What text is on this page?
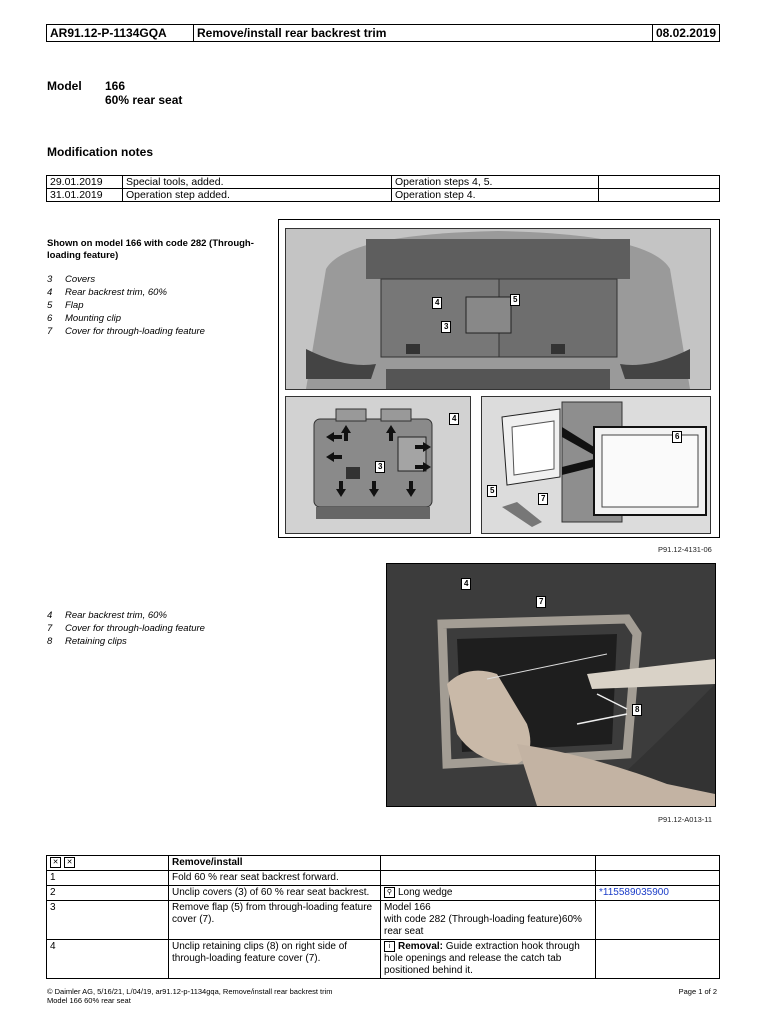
AR91.12-P-1134GQA	Remove/install rear backrest trim	08.02.2019
Model 166
60% rear seat
Modification notes
29.01.2019	Special tools, added.	Operation steps 4, 5.	
31.01.2019	Operation step added.	Operation step 4.	
Shown on model 166 with code 282 (Through-loading feature)
3 Covers
4 Rear backrest trim, 60%
5 Flap
6 Mounting clip
7 Cover for through-loading feature
4	5
3
4
3
6
5
7
P91.12-4131-06
4 Rear backrest trim, 60%
7 Cover for through-loading feature
8 Retaining clips
4
7
8
P91.12-A013-11
✕ ✕	Remove/install		
1	Fold 60 % rear seat backrest forward.		
2	Unclip covers (3) of 60 % rear seat backrest.	⚲ Long wedge	*115589035900
3	Remove flap (5) from through-loading feature cover (7).	Model 166
with code 282 (Through-loading feature)60% rear seat	
4	Unclip retaining clips (8) on right side of through-loading feature cover (7).	i Removal: Guide extraction hook through hole openings and release the catch tab positioned behind it.	
© Daimler AG, 5/16/21, L/04/19, ar91.12-p-1134gqa, Remove/install rear backrest trim
Model 166 60% rear seat
Page 1 of 2
